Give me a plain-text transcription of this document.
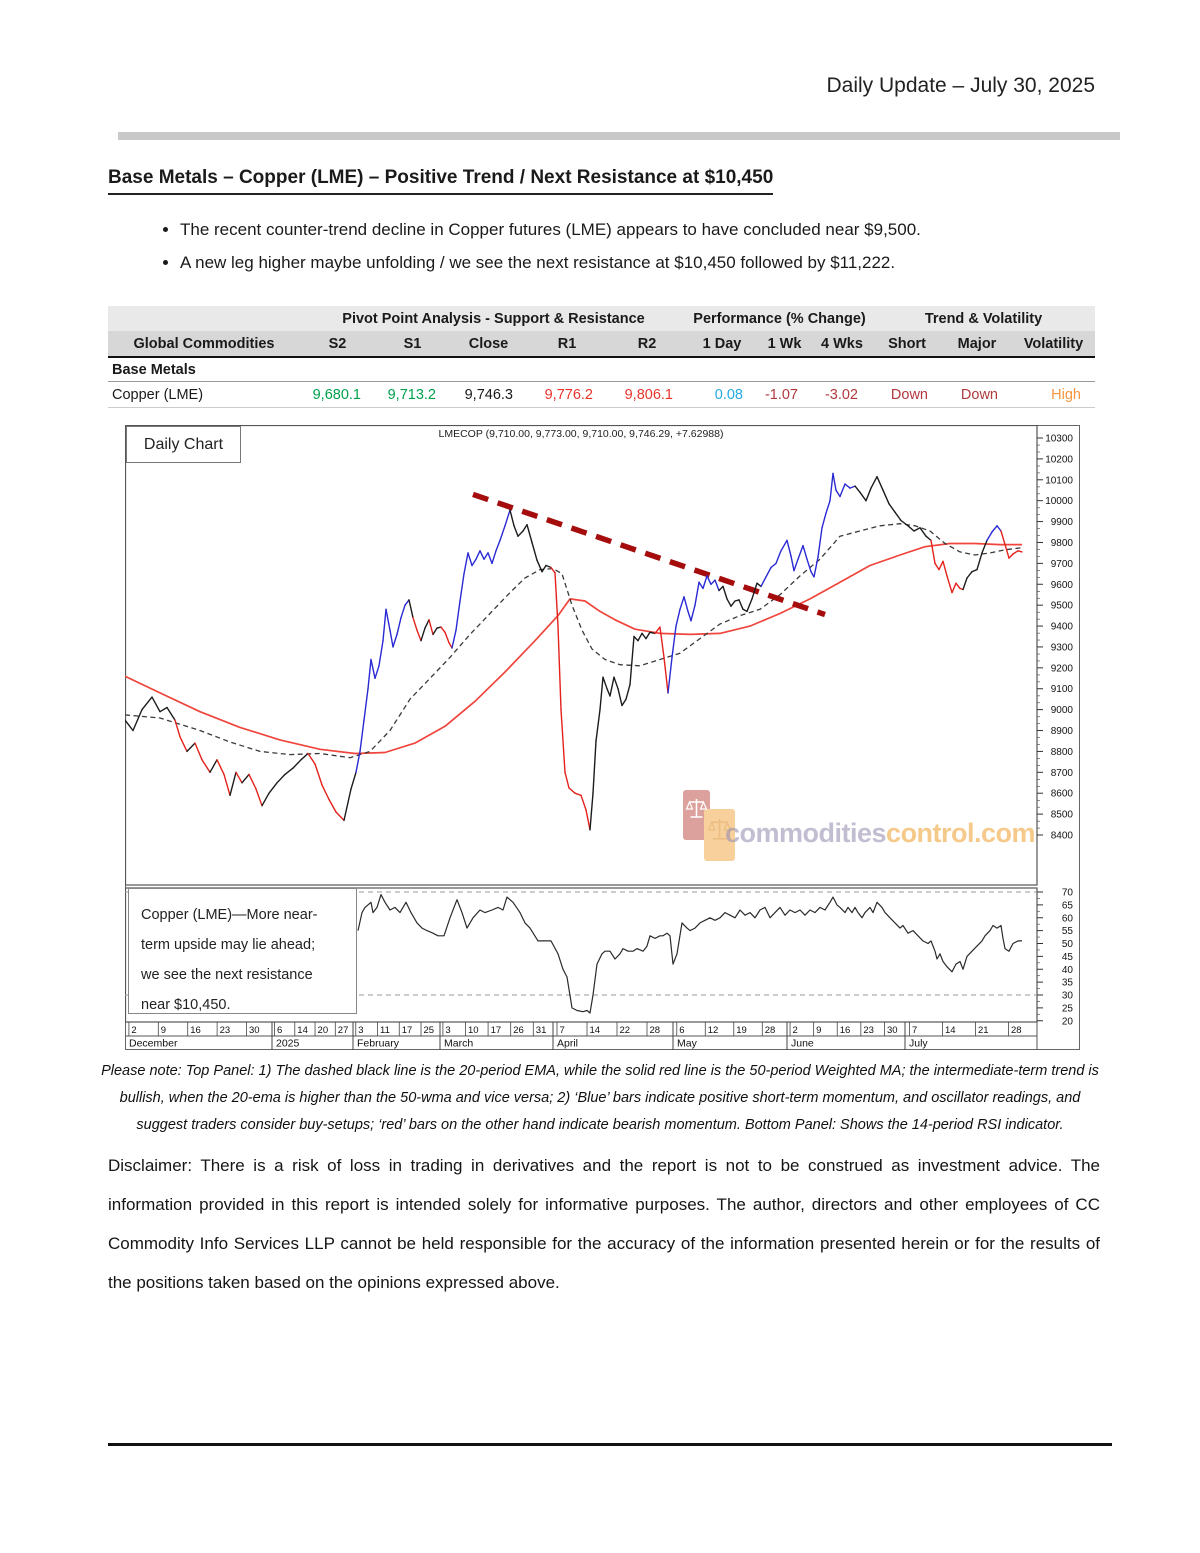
Daily Update – July 30, 2025
Base Metals – Copper (LME) – Positive Trend / Next Resistance at $10,450
• The recent counter-trend decline in Copper futures (LME) appears to have concluded near $9,500.
• A new leg higher maybe unfolding / we see the next resistance at $10,450 followed by $11,222.
Pivot Point Analysis - Support & Resistance	Performance (% Change)	Trend & Volatility
Global Commodities	S2	S1	Close	R1	R2	1 Day	1 Wk	4 Wks	Short	Major	Volatility
Base Metals
Copper (LME)	9,680.1	9,713.2	9,746.3	9,776.2	9,806.1	0.08	-1.07	-3.02	Down	Down	High
8400
8500
8600
8700
8800
8900
9000
9100
9200
9300
9400
9500
9600
9700
9800
9900
10000
10100
10200
10300
20
25
30
35
40
45
50
55
60
65
70
December
2	9	16 23 30
2025
6 14 20 27
February
3 11 17 25
March
3 10 17 26 31
April
7	14 22 28
May
6 12 19 28
June
2 9 16 23 30
July
7	14 21 28
LMECOP (9,710.00, 9,773.00, 9,710.00, 9,746.29, +7.62988)
Daily Chart
Copper (LME)—More near-
term upside may lie ahead;
we see the next resistance
near $10,450.
commoditiescontrol.com
Please note: Top Panel: 1) The dashed black line is the 20-period EMA, while the solid red line is the 50-period Weighted MA; the intermediate-term trend is bullish, when the 20-ema is higher than the 50-wma and vice versa; 2) ‘Blue’ bars indicate positive short-term momentum, and oscillator readings, and suggest traders consider buy-setups; ‘red’ bars on the other hand indicate bearish momentum. Bottom Panel: Shows the 14-period RSI indicator.
Disclaimer: There is a risk of loss in trading in derivatives and the report is not to be construed as investment advice. The information provided in this report is intended solely for informative purposes. The author, directors and other employees of CC Commodity Info Services LLP cannot be held responsible for the accuracy of the information presented herein or for the results of the positions taken based on the opinions expressed above.
